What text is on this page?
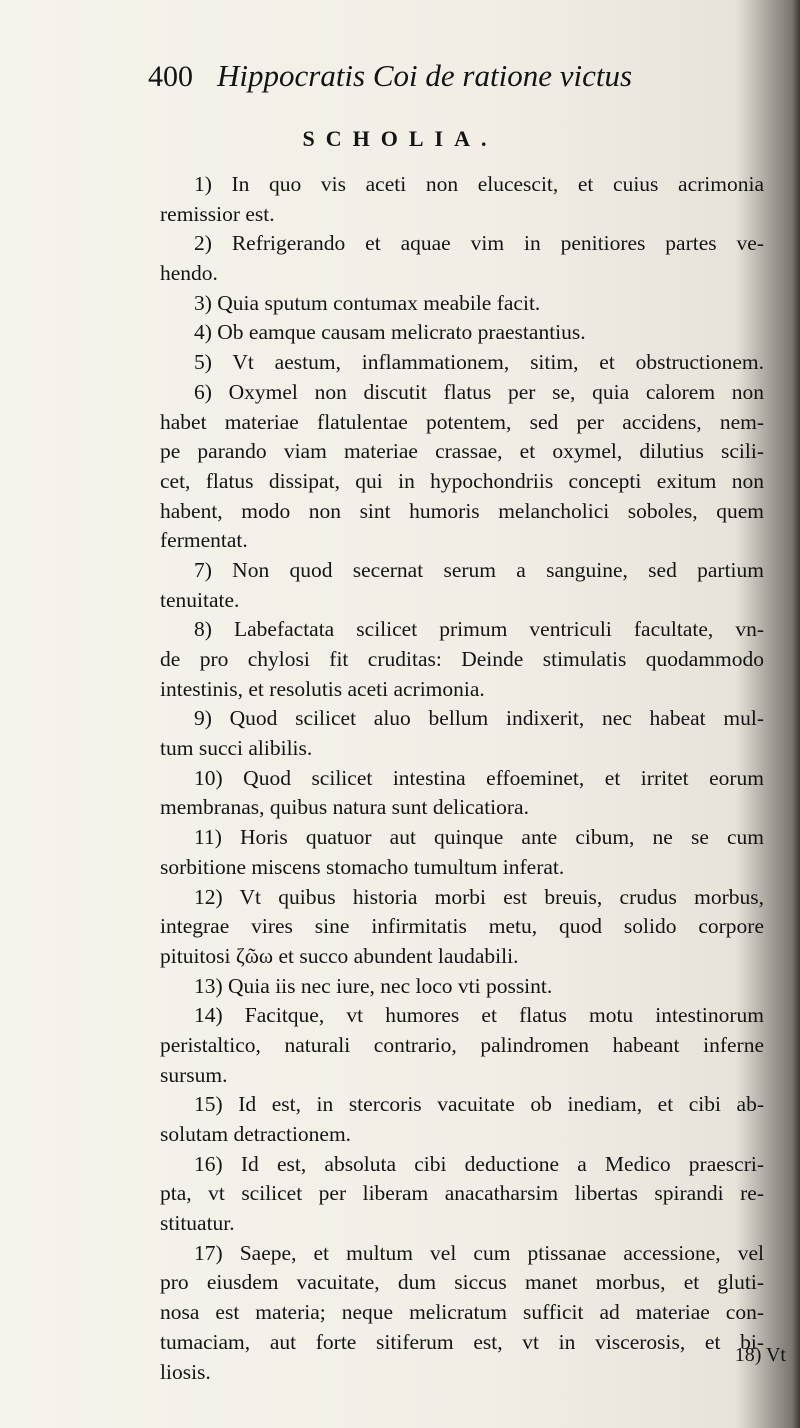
400 Hippocratis Coi de ratione victus
SCHOLIA.
1) In quo vis aceti non elucescit, et cuius acrimonia
remissior est.
2) Refrigerando et aquae vim in penitiores partes ve-
hendo.
3) Quia sputum contumax meabile facit.
4) Ob eamque causam melicrato praestantius.
5) Vt aestum, inflammationem, sitim, et obstructionem.
6) Oxymel non discutit flatus per se, quia calorem non
habet materiae flatulentae potentem, sed per accidens, nem-
pe parando viam materiae crassae, et oxymel, dilutius scili-
cet, flatus dissipat, qui in hypochondriis concepti exitum non
habent, modo non sint humoris melancholici soboles, quem
fermentat.
7) Non quod secernat serum a sanguine, sed partium
tenuitate.
8) Labefactata scilicet primum ventriculi facultate, vn-
de pro chylosi fit cruditas: Deinde stimulatis quodammodo
intestinis, et resolutis aceti acrimonia.
9) Quod scilicet aluo bellum indixerit, nec habeat mul-
tum succi alibilis.
10) Quod scilicet intestina effoeminet, et irritet eorum
membranas, quibus natura sunt delicatiora.
11) Horis quatuor aut quinque ante cibum, ne se cum
sorbitione miscens stomacho tumultum inferat.
12) Vt quibus historia morbi est breuis, crudus morbus,
integrae vires sine infirmitatis metu, quod solido corpore
pituitosi ζῶω et succo abundent laudabili.
13) Quia iis nec iure, nec loco vti possint.
14) Facitque, vt humores et flatus motu intestinorum
peristaltico, naturali contrario, palindromen habeant inferne
sursum.
15) Id est, in stercoris vacuitate ob inediam, et cibi ab-
solutam detractionem.
16) Id est, absoluta cibi deductione a Medico praescri-
pta, vt scilicet per liberam anacatharsim libertas spirandi re-
stituatur.
17) Saepe, et multum vel cum ptissanae accessione, vel
pro eiusdem vacuitate, dum siccus manet morbus, et gluti-
nosa est materia; neque melicratum sufficit ad materiae con-
tumaciam, aut forte sitiferum est, vt in viscerosis, et bi-
liosis.
18) Vt
